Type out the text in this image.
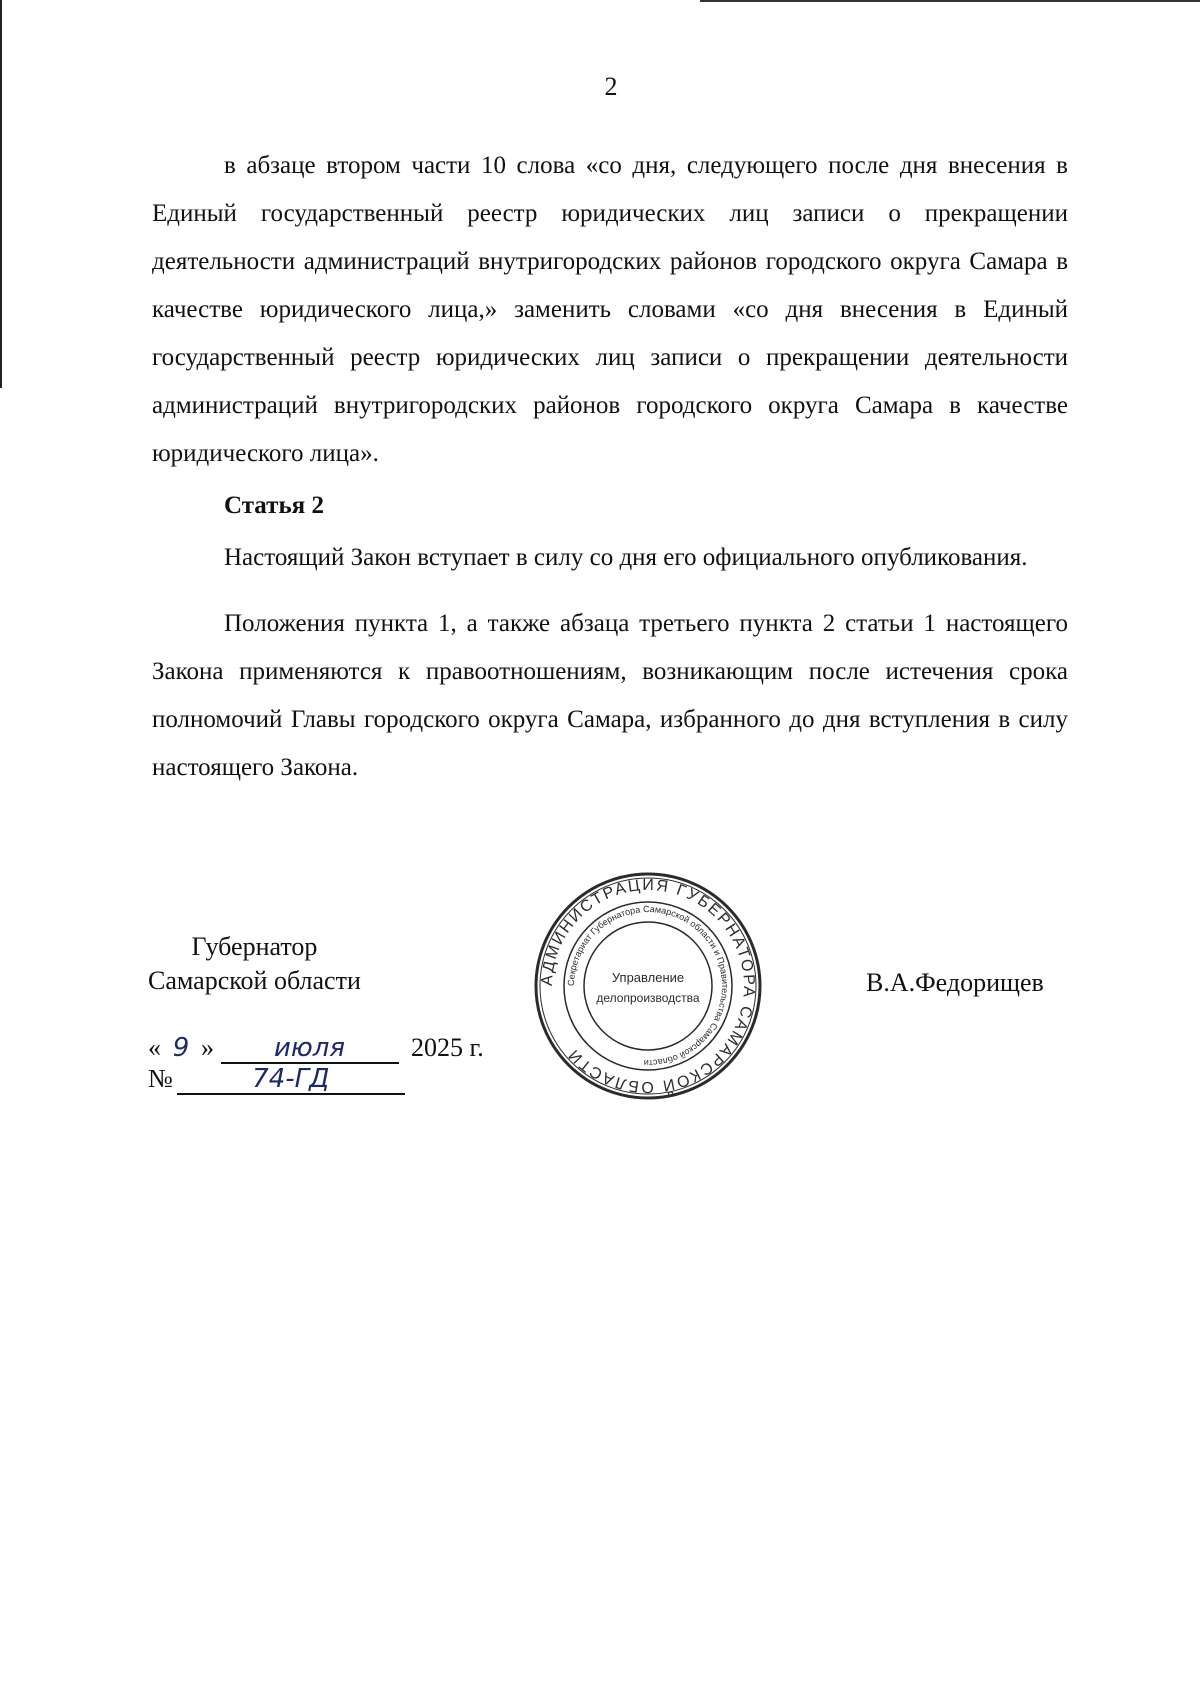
2

в абзаце втором части 10 слова «со дня, следующего после дня внесения в Единый государственный реестр юридических лиц записи о прекращении деятельности администраций внутригородских районов городского округа Самара в качестве юридического лица,» заменить словами «со дня внесения в Единый государственный реестр юридических лиц записи о прекращении деятельности администраций внутригородских районов городского округа Самара в качестве юридического лица».

Статья 2

Настоящий Закон вступает в силу со дня его официального опубликования.

Положения пункта 1, а также абзаца третьего пункта 2 статьи 1 настоящего Закона применяются к правоотношениям, возникающим после истечения срока полномочий Главы городского округа Самара, избранного до дня вступления в силу настоящего Закона.

Губернатор
Самарской области	АДМИНИСТРАЦИЯ ГУБЕРНАТОРА САМАРСКОЙ ОБЛАСТИ
Секретариат Губернатора Самарской области и Правительства Самарской области
Управление
делопроизводства
В.А.Федорищев
« 9 » июля	2025 г.
№	74-ГД
